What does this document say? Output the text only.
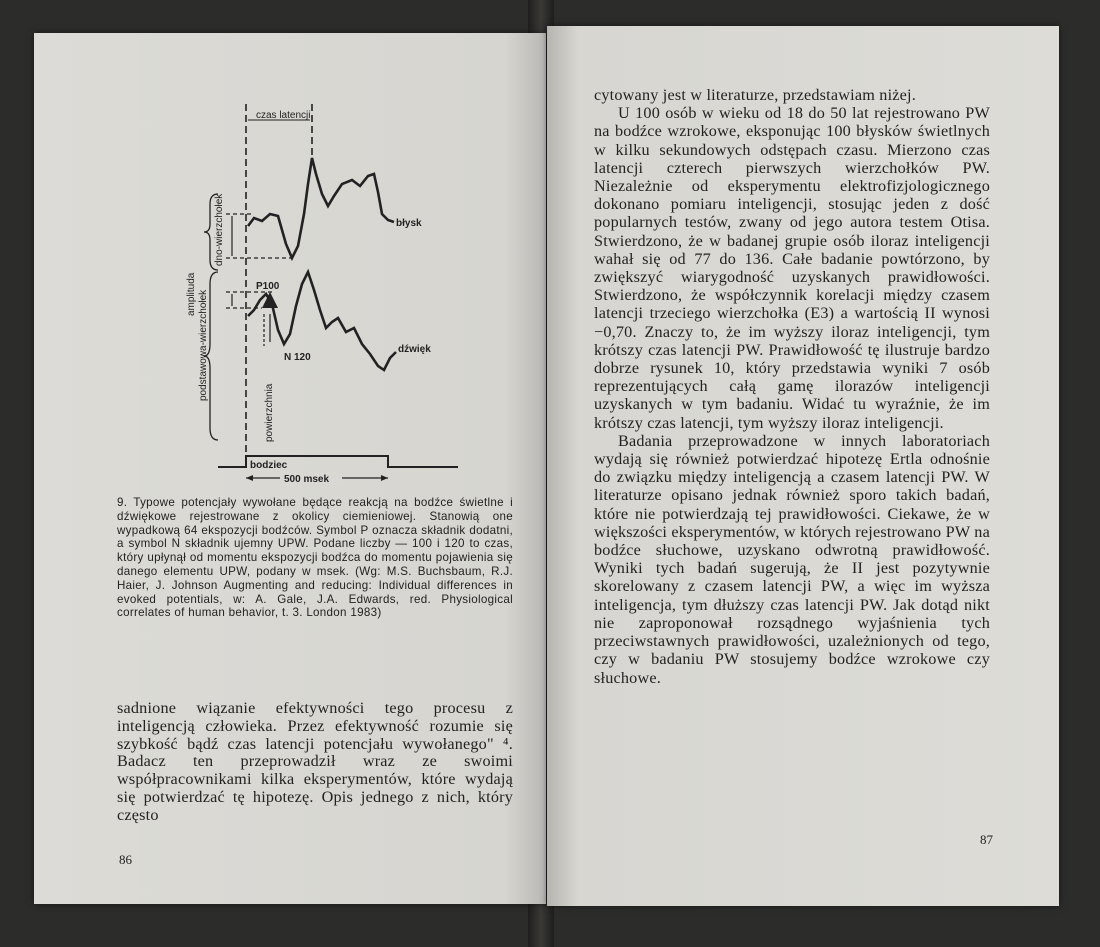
czas latencji
błysk
dźwięk
P100
N 120
powierzchnia
podstawowa-wierzchołek
dno-wierzchołek
amplituda
bodziec
500 msek

9. Typowe potencjały wywołane będące reakcją na bodźce świetlne i dźwiękowe rejestrowane z okolicy ciemieniowej. Stanowią one wypadkową 64 ekspozycji bodźców. Symbol P oznacza składnik dodatni, a symbol N składnik ujemny UPW. Podane liczby — 100 i 120 to czas, który upłynął od momentu ekspozycji bodźca do momentu pojawienia się danego elementu UPW, podany w msek. (Wg: M.S. Buchsbaum, R.J. Haier, J. Johnson Augmenting and reducing: Individual differences in evoked potentials, w: A. Gale, J.A. Edwards, red. Physiological correlates of human behavior, t. 3. London 1983)

sadnione wiązanie efektywności tego procesu z inteligencją człowieka. Przez efektywność rozumie się szybkość bądź czas latencji potencjału wywołanego" ⁴. Badacz ten przeprowadził wraz ze swoimi współpracownikami kilka eksperymentów, które wydają się potwierdzać tę hipotezę. Opis jednego z nich, który często

cytowany jest w literaturze, przedstawiam niżej.

U 100 osób w wieku od 18 do 50 lat rejestrowano PW na bodźce wzrokowe, eksponując 100 błysków świetlnych w kilku sekundowych odstępach czasu. Mierzono czas latencji czterech pierwszych wierzchołków PW. Niezależnie od eksperymentu elektrofizjologicznego dokonano pomiaru inteligencji, stosując jeden z dość popularnych testów, zwany od jego autora testem Otisa. Stwierdzono, że w badanej grupie osób iloraz inteligencji wahał się od 77 do 136. Całe badanie powtórzono, by zwiększyć wiarygodność uzyskanych prawidłowości. Stwierdzono, że współczynnik korelacji między czasem latencji trzeciego wierzchołka (E3) a wartością II wynosi −0,70. Znaczy to, że im wyższy iloraz inteligencji, tym krótszy czas latencji PW. Prawidłowość tę ilustruje bardzo dobrze rysunek 10, który przedstawia wyniki 7 osób reprezentujących całą gamę ilorazów inteligencji uzyskanych w tym badaniu. Widać tu wyraźnie, że im krótszy czas latencji, tym wyższy iloraz inteligencji.

Badania przeprowadzone w innych laboratoriach wydają się również potwierdzać hipotezę Ertla odnośnie do związku między inteligencją a czasem latencji PW. W literaturze opisano jednak również sporo takich badań, które nie potwierdzają tej prawidłowości. Ciekawe, że w większości eksperymentów, w których rejestrowano PW na bodźce słuchowe, uzyskano odwrotną prawidłowość. Wyniki tych badań sugerują, że II jest pozytywnie skorelowany z czasem latencji PW, a więc im wyższa inteligencja, tym dłuższy czas latencji PW. Jak dotąd nikt nie zaproponował rozsądnego wyjaśnienia tych przeciwstawnych prawidłowości, uzależnionych od tego, czy w badaniu PW stosujemy bodźce wzrokowe czy słuchowe.

86
87
